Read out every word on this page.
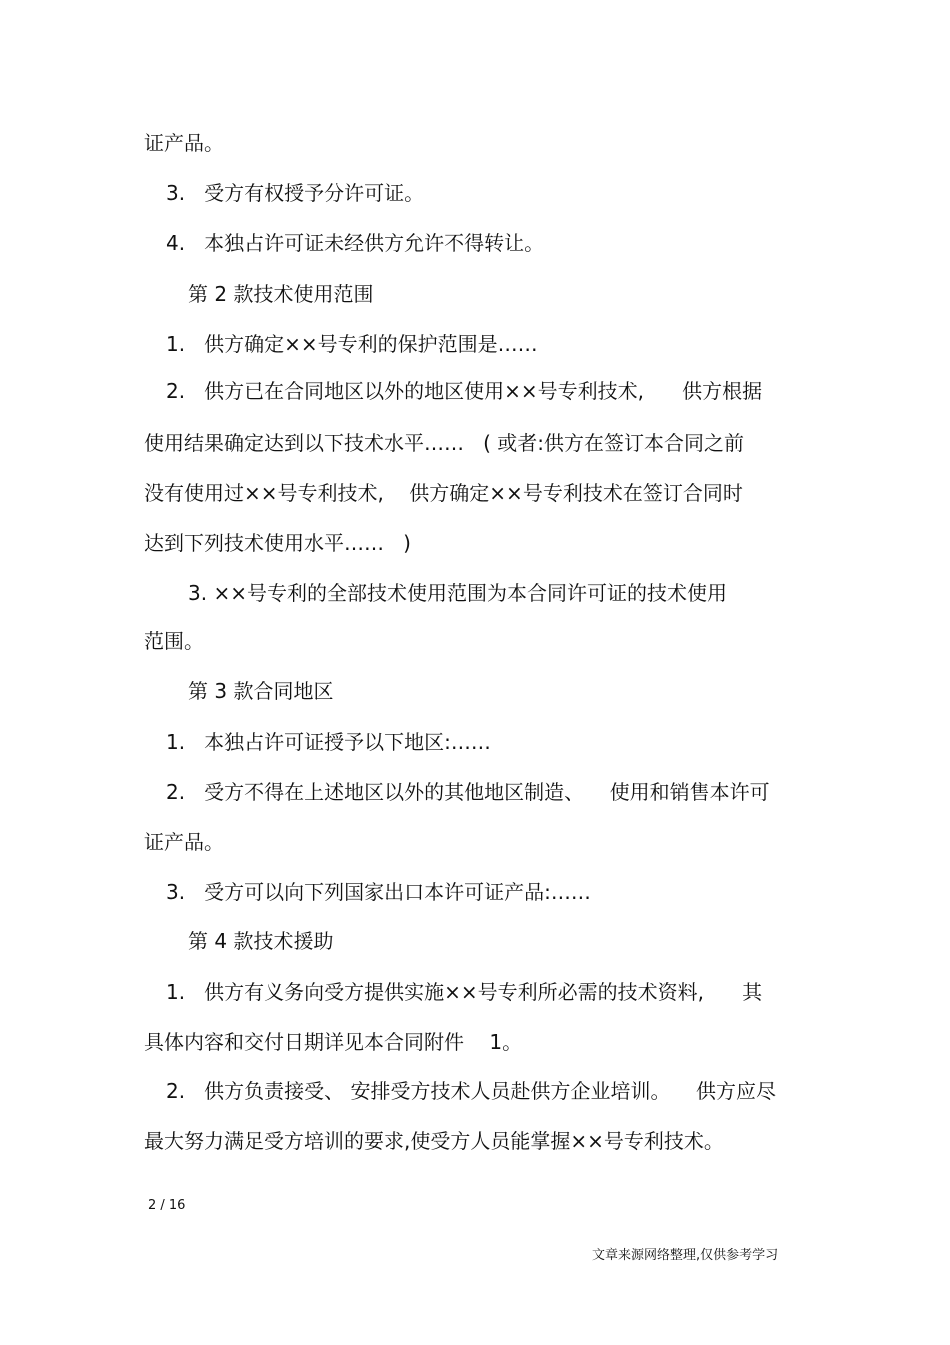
证产品。
3.   受方有权授予分许可证。
4.   本独占许可证未经供方允许不得转让。
第 2 款技术使用范围
1.   供方确定××号专利的保护范围是……
2.   供方已在合同地区以外的地区使用××号专利技术,      供方根据
使用结果确定达到以下技术水平……   ( 或者:供方在签订本合同之前
没有使用过××号专利技术,    供方确定××号专利技术在签订合同时
达到下列技术使用水平……   )
3. ××号专利的全部技术使用范围为本合同许可证的技术使用
范围。
第 3 款合同地区
1.   本独占许可证授予以下地区:……
2.   受方不得在上述地区以外的其他地区制造、    使用和销售本许可
证产品。
3.   受方可以向下列国家出口本许可证产品:……
第 4 款技术援助
1.   供方有义务向受方提供实施××号专利所必需的技术资料,      其
具体内容和交付日期详见本合同附件    1。
2.   供方负责接受、 安排受方技术人员赴供方企业培训。    供方应尽
最大努力满足受方培训的要求,使受方人员能掌握××号专利技术。
2 / 16
文章来源网络整理,仅供参考学习
